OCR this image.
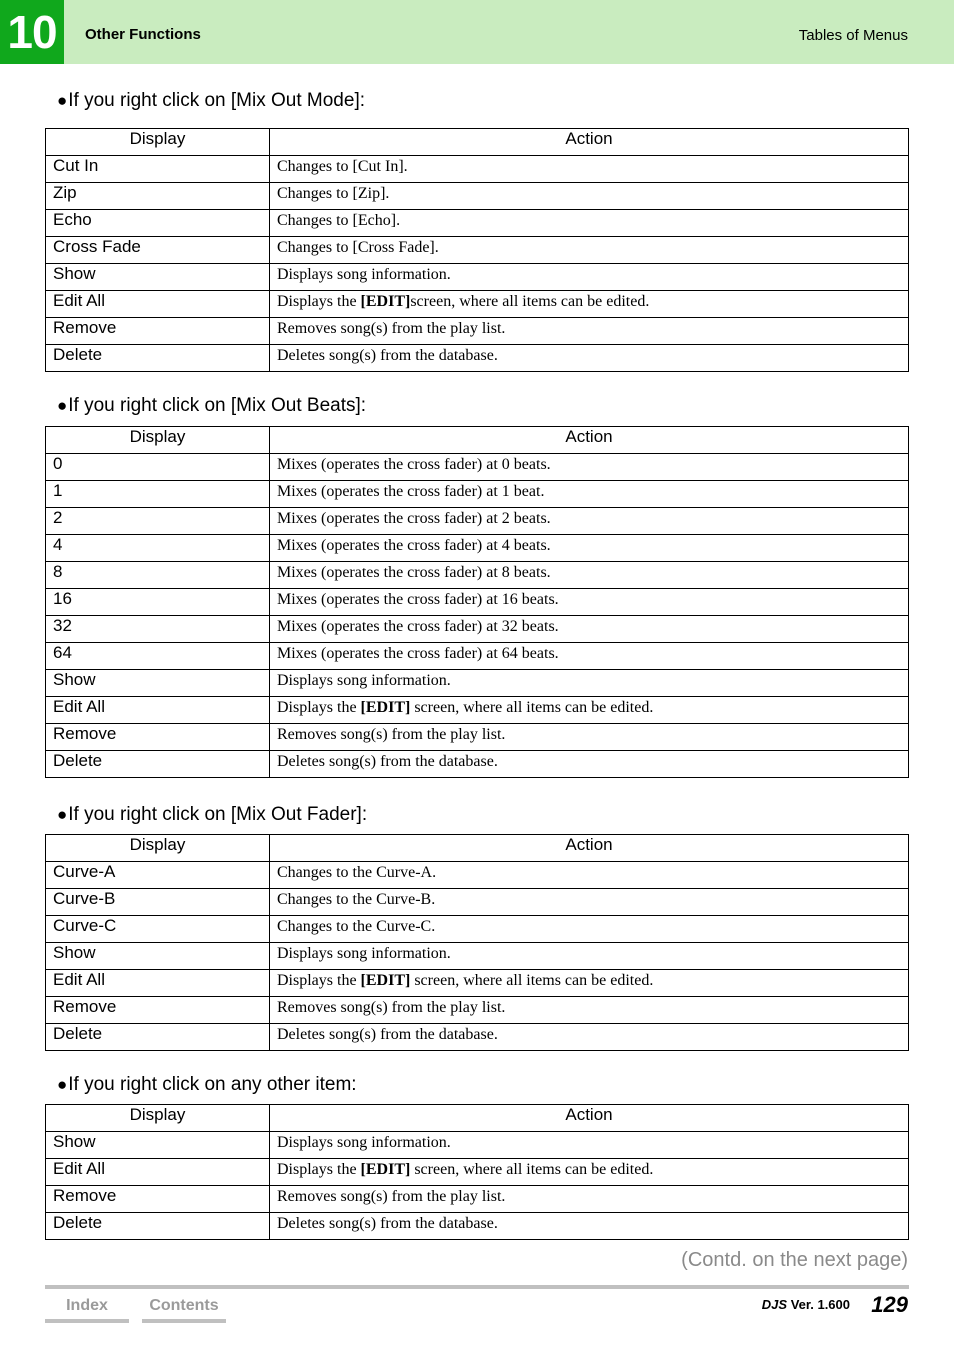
10	Other Functions	Tables of Menus
●If you right click on [Mix Out Mode]:
Display	Action
Cut In	Changes to [Cut In].
Zip	Changes to [Zip].
Echo	Changes to [Echo].
Cross Fade	Changes to [Cross Fade].
Show	Displays song information.
Edit All	Displays the [EDIT]screen, where all items can be edited.
Remove	Removes song(s) from the play list.
Delete	Deletes song(s) from the database.
●If you right click on [Mix Out Beats]:
Display	Action
0	Mixes (operates the cross fader) at 0 beats.
1	Mixes (operates the cross fader) at 1 beat.
2	Mixes (operates the cross fader) at 2 beats.
4	Mixes (operates the cross fader) at 4 beats.
8	Mixes (operates the cross fader) at 8 beats.
16	Mixes (operates the cross fader) at 16 beats.
32	Mixes (operates the cross fader) at 32 beats.
64	Mixes (operates the cross fader) at 64 beats.
Show	Displays song information.
Edit All	Displays the [EDIT] screen, where all items can be edited.
Remove	Removes song(s) from the play list.
Delete	Deletes song(s) from the database.
●If you right click on [Mix Out Fader]:
Display	Action
Curve-A	Changes to the Curve-A.
Curve-B	Changes to the Curve-B.
Curve-C	Changes to the Curve-C.
Show	Displays song information.
Edit All	Displays the [EDIT] screen, where all items can be edited.
Remove	Removes song(s) from the play list.
Delete	Deletes song(s) from the database.
●If you right click on any other item:
Display	Action
Show	Displays song information.
Edit All	Displays the [EDIT] screen, where all items can be edited.
Remove	Removes song(s) from the play list.
Delete	Deletes song(s) from the database.
(Contd. on the next page)
Index	Contents	DJS Ver. 1.600 129
